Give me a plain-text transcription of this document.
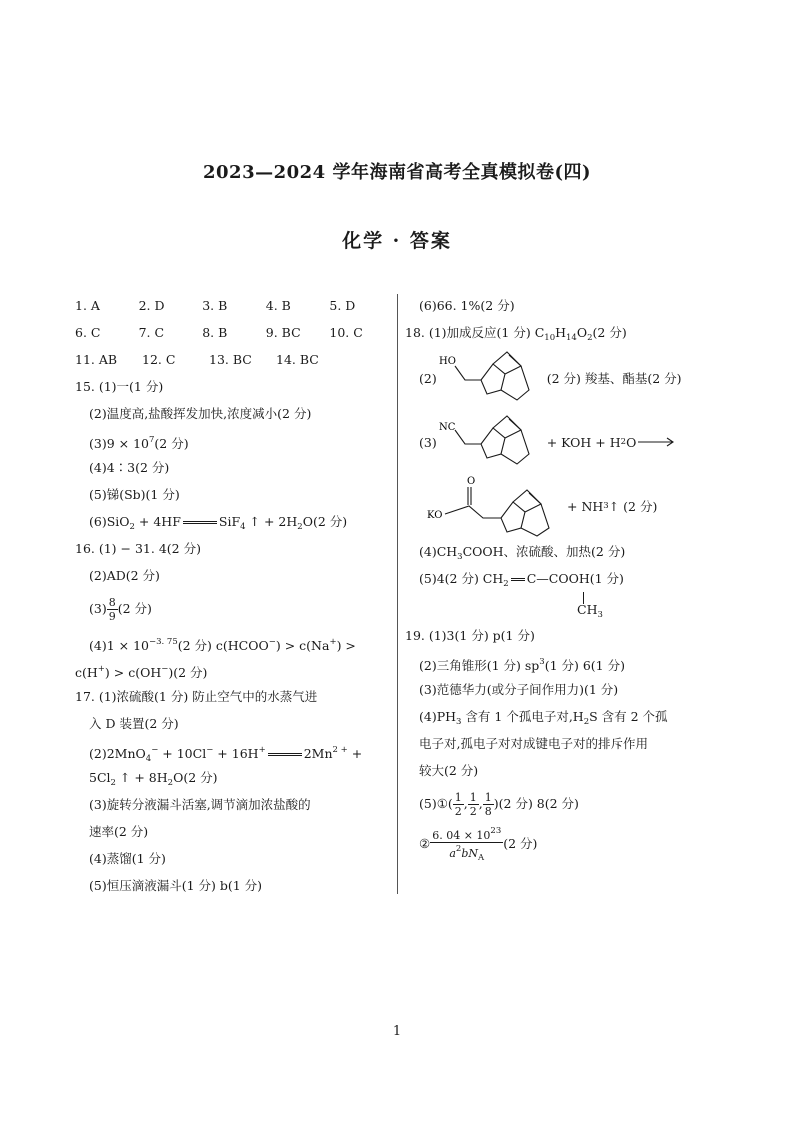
2023—2024 学年海南省高考全真模拟卷(四)
化学 · 答案
1. A	2. D	3. B	4. B	5. D
6. C	7. C	8. B	9. BC	10. C
11. AB	12. C	13. BC	14. BC
15. (1)一(1 分)
(2)温度高,盐酸挥发加快,浓度减小(2 分)
$(3)9 \times 10^7(2$ 分)
(4)4∶3(2 分)
(5)锑(Sb)(1 分)
(6)SiO$_2$ + 4HF	SiF$_4$ ↑ + $2H_2O(2$ 分)
16. (1) − 31. 4(2 分)
(2)AD(2 分)
$(3) \frac{8}{9} (2$ 分)
$(4)1 \times 10^{-3. 75}(2$ 分) c(HCOO−) > c(Na+) >
c(H+) > c(OH−)(2 分)
17. (1)浓硫酸(1 分) 防止空气中的水蒸气进
入 D 装置(2 分)
(2)2MnO$_4$− + 10Cl− + 16H+	$2Mn^{2 +}$ +
$5Cl_2$ ↑ + $8H_2O(2$ 分)
(3)旋转分液漏斗活塞,调节滴加浓盐酸的
速率(2 分)
(4)蒸馏(1 分)
(5)恒压滴液漏斗(1 分) b(1 分)
(6)66. 1%(2 分)
18. (1)加成反应(1 分) $C_{10}H_{14}O_2(2$ 分)
(2)
HO
(2 分) 羧基、酯基(2 分)
(3)
NC
+ KOH + H 2 O →
KO
O
+ NH 3 ↑ (2 分)
$(4)CH_3COOH$、浓硫酸、加热(2 分)
(5)4(2 分) $CH_2$ C—COOH(1 分)
$CH_3$
19. (1)3(1 分) p(1 分)
(2)三角锥形(1 分) $sp^3(1$ 分) 6(1 分)
(3)范德华力(或分子间作用力)(1 分)
$(4)PH_3$ 含有 1 个孤电子对$,H_2S$ 含有 2 个孤
电子对,孤电子对对成键电子对的排斥作用
较大(2 分)
(5)①( $\frac{1}{2}$ , $\frac{1}{2}$ , $\frac{1}{8} )(2$ 分) 8(2 分)
② $\frac{6. 04 \times 10^{23}}{a^2bN_A} (2$ 分)
1
